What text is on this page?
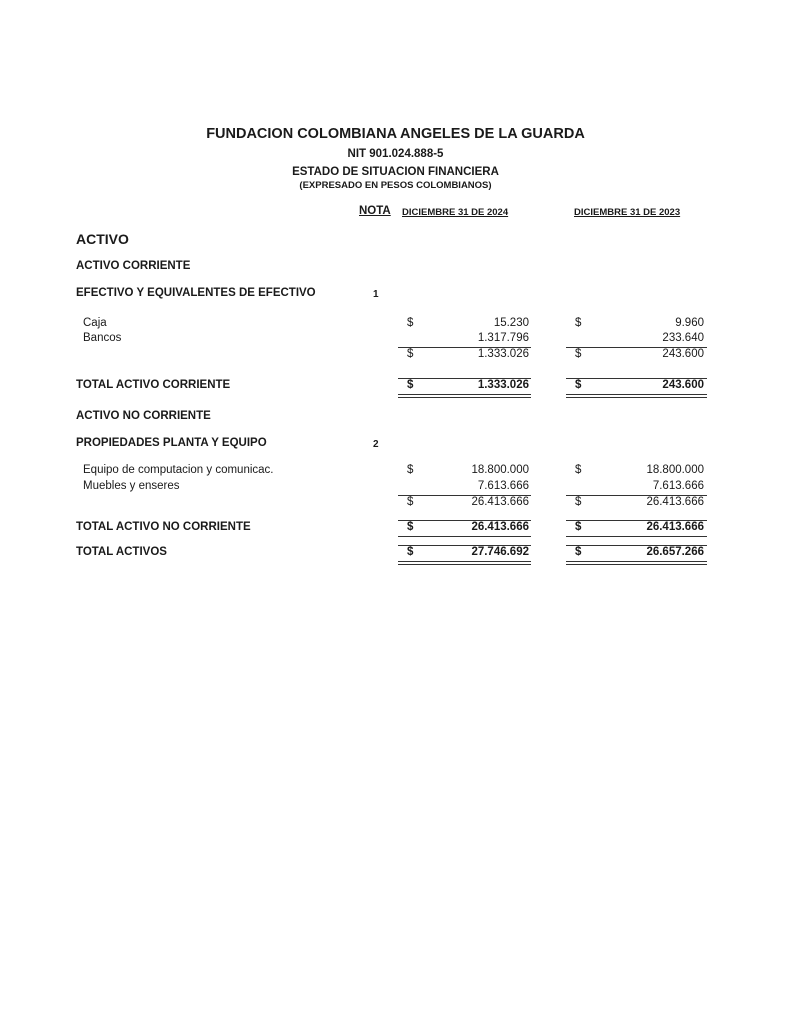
FUNDACION COLOMBIANA ANGELES DE LA GUARDA
NIT 901.024.888-5
ESTADO DE SITUACION FINANCIERA
(EXPRESADO EN PESOS COLOMBIANOS)
NOTA DICIEMBRE 31 DE 2024	DICIEMBRE 31 DE 2023
ACTIVO
ACTIVO CORRIENTE
EFECTIVO Y EQUIVALENTES DE EFECTIVO	1
Caja	$	15.230	$	9.960
Bancos	1.317.796	233.640
$	1.333.026	$	243.600
TOTAL ACTIVO CORRIENTE	$	1.333.026	$	243.600
ACTIVO NO CORRIENTE
PROPIEDADES PLANTA Y EQUIPO	2
Equipo de computacion y comunicac.	$	18.800.000	$	18.800.000
Muebles y enseres	7.613.666	7.613.666
$	26.413.666	$	26.413.666
TOTAL ACTIVO NO CORRIENTE	$	26.413.666	$	26.413.666
TOTAL ACTIVOS	$	27.746.692	$	26.657.266
